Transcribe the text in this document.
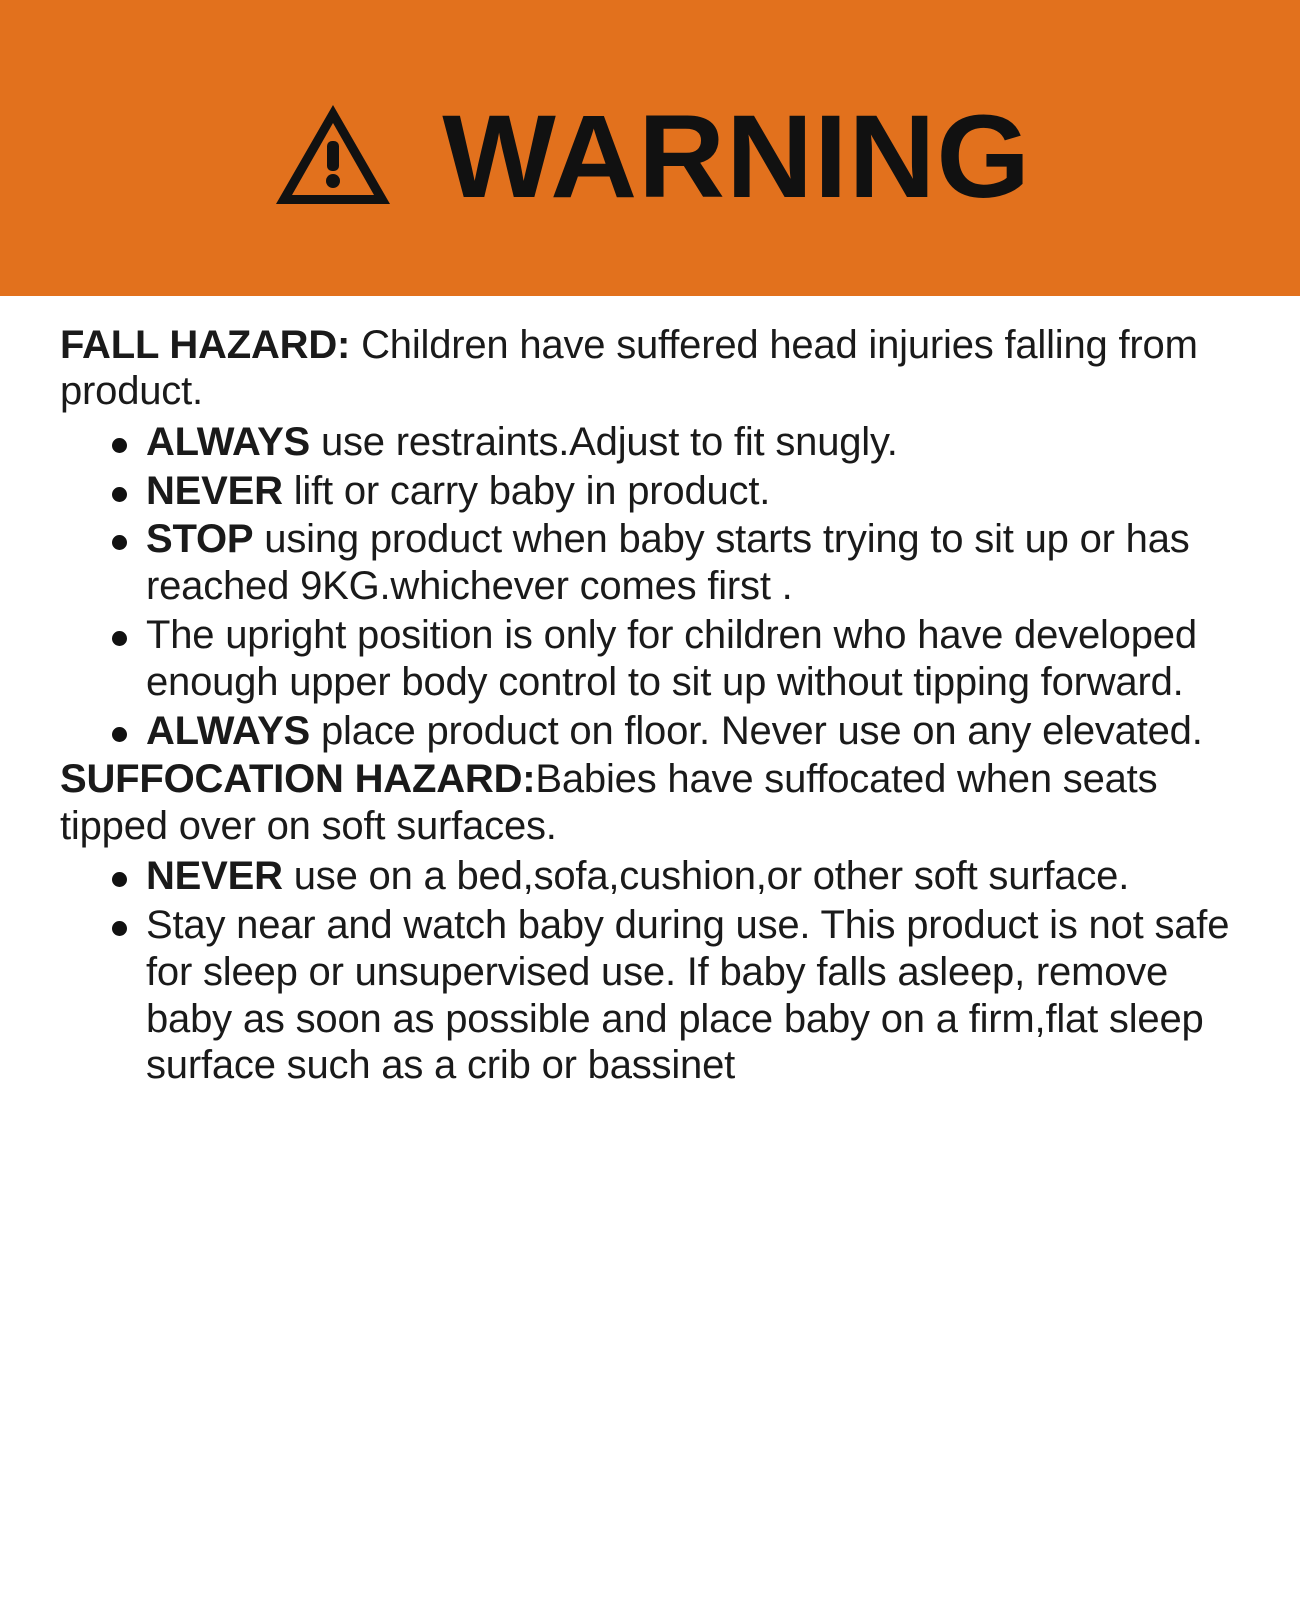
WARNING

FALL HAZARD: Children have suffered head injuries falling from product.

ALWAYS use restraints.Adjust to fit snugly.
NEVER lift or carry baby in product.
STOP using product when baby starts trying to sit up or has reached 9KG.whichever comes first .
The upright position is only for children who have developed enough upper body control to sit up without tipping forward.
ALWAYS place product on floor. Never use on any elevated.

SUFFOCATION HAZARD:Babies have suffocated when seats tipped over on soft surfaces.

NEVER use on a bed,sofa,cushion,or other soft surface.
Stay near and watch baby during use. This product is not safe for sleep or unsupervised use. If baby falls asleep, remove baby as soon as possible and place baby on a firm,flat sleep surface such as a crib or bassinet
